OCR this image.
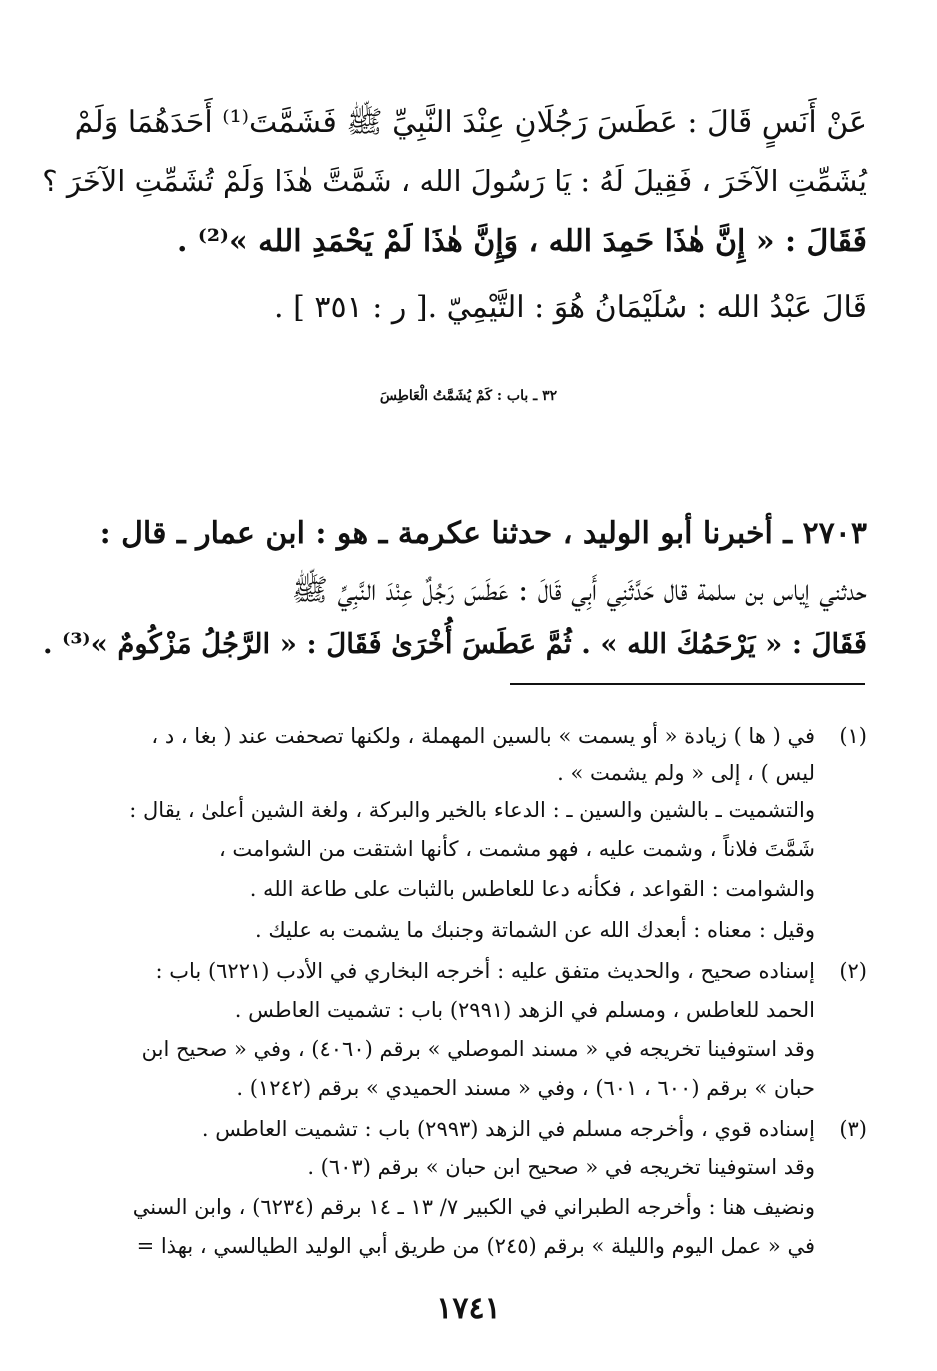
عَنْ أَنَسٍ قَالَ : عَطَسَ رَجُلَانِ عِنْدَ النَّبِيِّ ﷺ فَشَمَّتَ⁽¹⁾ أَحَدَهُمَا وَلَمْ
يُشَمِّتِ الآخَرَ ، فَقِيلَ لَهُ : يَا رَسُولَ الله ، شَمَّتَّ هٰذَا وَلَمْ تُشَمِّتِ الآخَرَ ؟
فَقَالَ : « إِنَّ هٰذَا حَمِدَ الله ، وَإِنَّ هٰذَا لَمْ يَحْمَدِ الله »⁽²⁾ .
قَالَ عَبْدُ الله : سُلَيْمَانُ هُوَ : التَّيْمِيّ .[ ر : ٣٥١ ] .
٣٢ ـ باب : كَمْ يُشَمَّتُ الْعَاطِسَ
٢٧٠٣ ـ أخبرنا أبو الوليد ، حدثنا عكرمة ـ هو : ابن عمار ـ قال :
حدثني إياس بن سلمة قال حَدَّثَنِي أَبِي قَالَ : عَطَسَ رَجُلٌ عِنْدَ النَّبِيِّ ﷺ
فَقَالَ : « يَرْحَمُكَ الله » . ثُمَّ عَطَسَ أُخْرَىٰ فَقَالَ : « الرَّجُلُ مَزْكُومٌ »⁽³⁾ .
(١)في ( ها ) زيادة « أو يسمت » بالسين المهملة ، ولكنها تصحفت عند ( بغا ، د ،
ليس ) ، إلى « ولم يشمت » .
والتشميت ـ بالشين والسين ـ : الدعاء بالخير والبركة ، ولغة الشين أعلىٰ ، يقال :
شَمَّتَ فلاناً ، وشمت عليه ، فهو مشمت ، كأنها اشتقت من الشوامت ،
والشوامت : القواعد ، فكأنه دعا للعاطس بالثبات على طاعة الله .
وقيل : معناه : أبعدك الله عن الشماتة وجنبك ما يشمت به عليك .
(٢)إسناده صحيح ، والحديث متفق عليه : أخرجه البخاري في الأدب (٦٢٢١) باب :
الحمد للعاطس ، ومسلم في الزهد (٢٩٩١) باب : تشميت العاطس .
وقد استوفينا تخريجه في « مسند الموصلي » برقم (٤٠٦٠) ، وفي « صحيح ابن
حبان » برقم (٦٠٠ ، ٦٠١) ، وفي « مسند الحميدي » برقم (١٢٤٢) .
(٣)إسناده قوي ، وأخرجه مسلم في الزهد (٢٩٩٣) باب : تشميت العاطس .
وقد استوفينا تخريجه في « صحيح ابن حبان » برقم (٦٠٣) .
ونضيف هنا : وأخرجه الطبراني في الكبير ٧/ ١٣ ـ ١٤ برقم (٦٢٣٤) ، وابن السني
في « عمل اليوم والليلة » برقم (٢٤٥) من طريق أبي الوليد الطيالسي ، بهذا =
١٧٤١
